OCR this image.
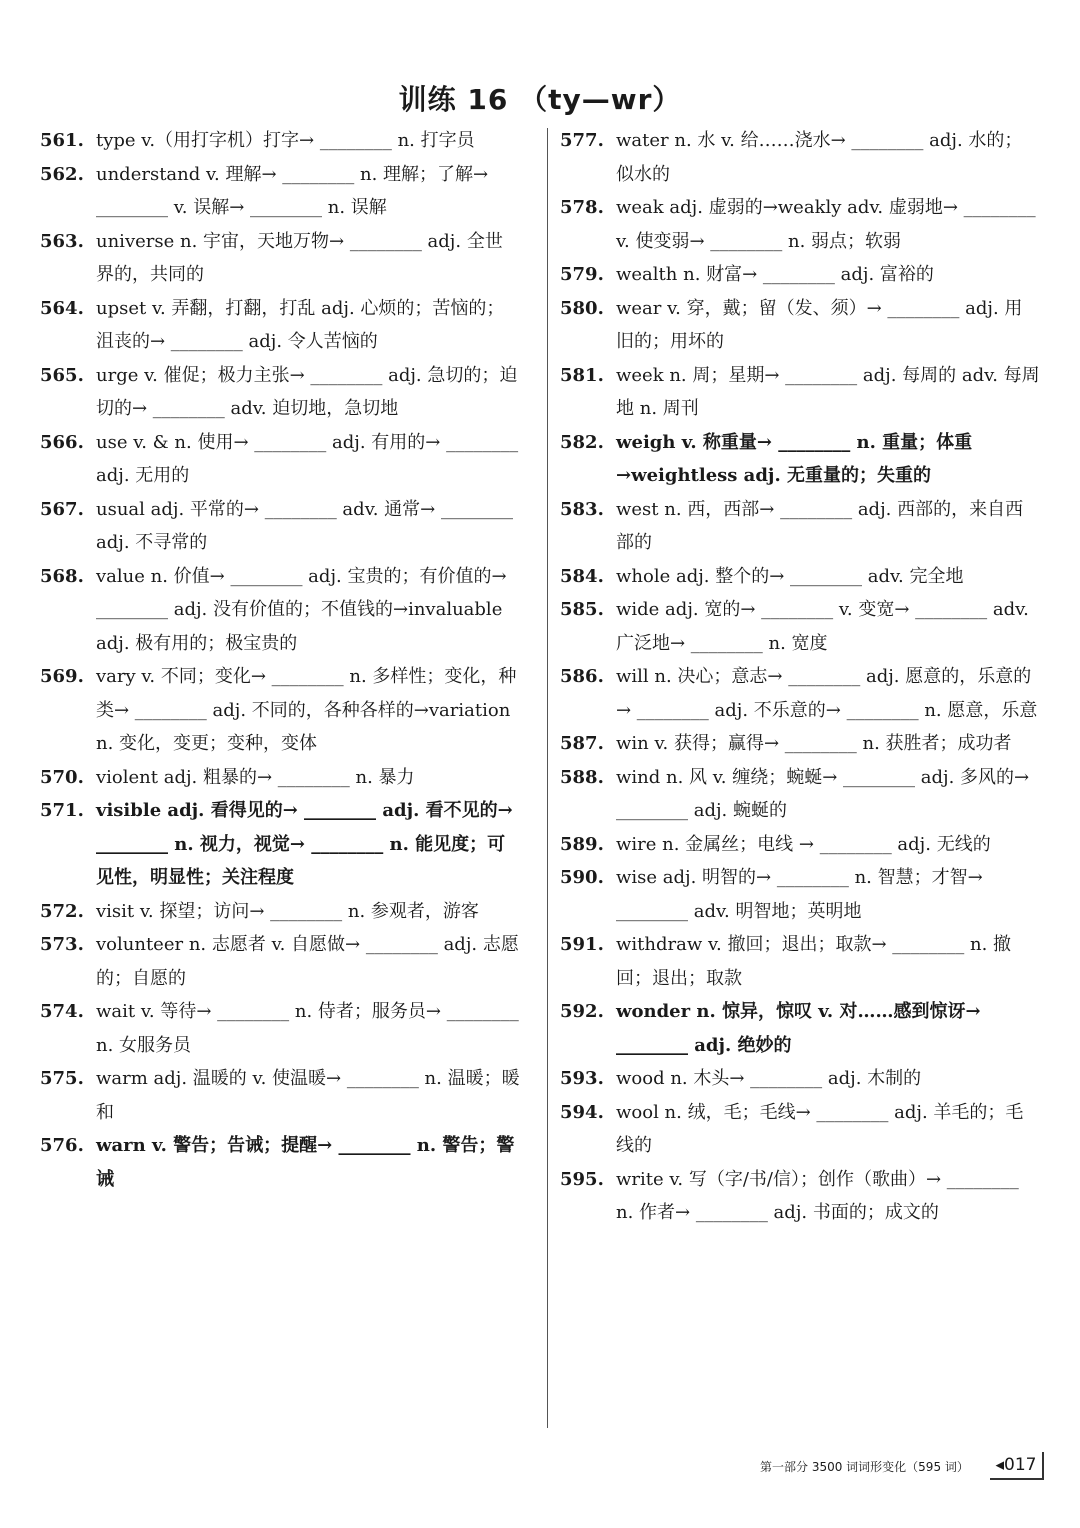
训练 16 （ty—wr）
561. type v.（用打字机）打字→ ________ n. 打字员
562. understand v. 理解→ ________ n. 理解；了解→ ________ v. 误解→ ________ n. 误解
563. universe n. 宇宙，天地万物→ ________ adj. 全世界的，共同的
564. upset v. 弄翻，打翻，打乱 adj. 心烦的；苦恼的；沮丧的→ ________ adj. 令人苦恼的
565. urge v. 催促；极力主张→ ________ adj. 急切的；迫切的→ ________ adv. 迫切地，急切地
566. use v. & n. 使用→ ________ adj. 有用的→ ________ adj. 无用的
567. usual adj. 平常的→ ________ adv. 通常→ ________ adj. 不寻常的
568. value n. 价值→ ________ adj. 宝贵的；有价值的→ ________ adj. 没有价值的；不值钱的→invaluable adj. 极有用的；极宝贵的
569. vary v. 不同；变化→ ________ n. 多样性；变化，种类→ ________ adj. 不同的，各种各样的→variation n. 变化，变更；变种，变体
570. violent adj. 粗暴的→ ________ n. 暴力
571. visible adj. 看得见的→ ________ adj. 看不见的→ ________ n. 视力，视觉→ ________ n. 能见度；可见性，明显性；关注程度
572. visit v. 探望；访问→ ________ n. 参观者，游客
573. volunteer n. 志愿者 v. 自愿做→ ________ adj. 志愿的；自愿的
574. wait v. 等待→ ________ n. 侍者；服务员→ ________ n. 女服务员
575. warm adj. 温暖的 v. 使温暖→ ________ n. 温暖；暖和
576. warn v. 警告；告诫；提醒→ ________ n. 警告；警诫
577. water n. 水 v. 给……浇水→ ________ adj. 水的；似水的
578. weak adj. 虚弱的→weakly adv. 虚弱地→ ________ v. 使变弱→ ________ n. 弱点；软弱
579. wealth n. 财富→ ________ adj. 富裕的
580. wear v. 穿，戴；留（发、须）→ ________ adj. 用旧的；用坏的
581. week n. 周；星期→ ________ adj. 每周的 adv. 每周地 n. 周刊
582. weigh v. 称重量→ ________ n. 重量；体重 →weightless adj. 无重量的；失重的
583. west n. 西，西部→ ________ adj. 西部的，来自西部的
584. whole adj. 整个的→ ________ adv. 完全地
585. wide adj. 宽的→ ________ v. 变宽→ ________ adv. 广泛地→ ________ n. 宽度
586. will n. 决心；意志→ ________ adj. 愿意的，乐意的→ ________ adj. 不乐意的→ ________ n. 愿意，乐意
587. win v. 获得；赢得→ ________ n. 获胜者；成功者
588. wind n. 风 v. 缠绕；蜿蜒→ ________ adj. 多风的→ ________ adj. 蜿蜒的
589. wire n. 金属丝；电线 → ________ adj. 无线的
590. wise adj. 明智的→ ________ n. 智慧；才智→ ________ adv. 明智地；英明地
591. withdraw v. 撤回；退出；取款→ ________ n. 撤回；退出；取款
592. wonder n. 惊异，惊叹 v. 对……感到惊讶→ ________ adj. 绝妙的
593. wood n. 木头→ ________ adj. 木制的
594. wool n. 绒，毛；毛线→ ________ adj. 羊毛的；毛线的
595. write v. 写（字/书/信）；创作（歌曲）→ ________ n. 作者→ ________ adj. 书面的；成文的
第一部分 3500 词词形变化（595 词）	◂017
